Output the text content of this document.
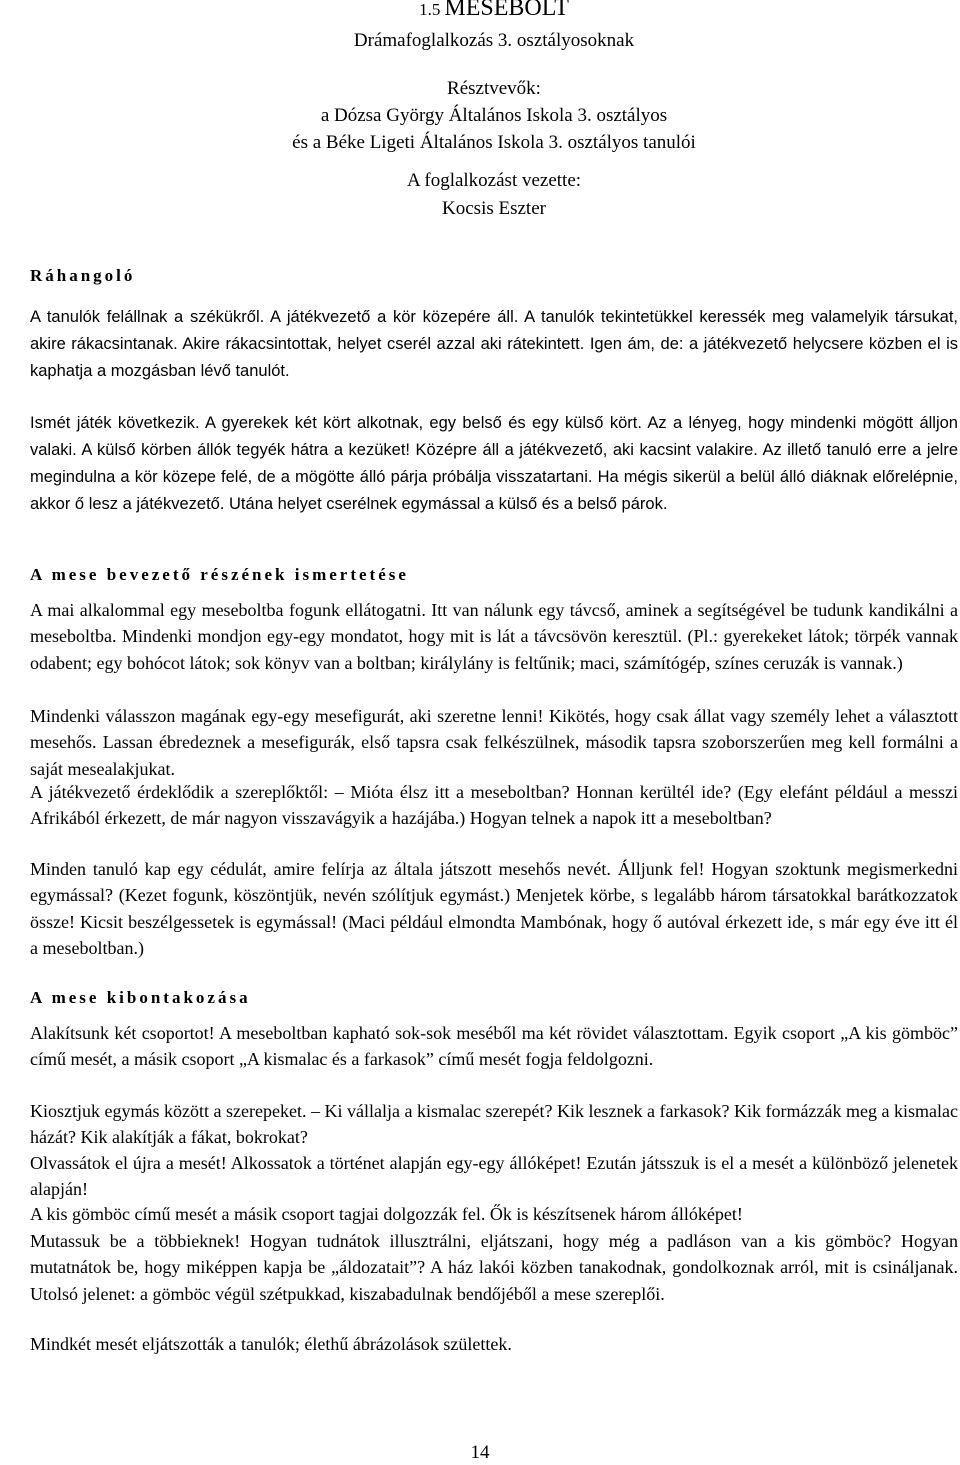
1.5 MESEBOLT
Drámafoglalkozás 3. osztályosoknak
Résztvevők:
a Dózsa György Általános Iskola 3. osztályos
és a Béke Ligeti Általános Iskola 3. osztályos tanulói
A foglalkozást vezette:
Kocsis Eszter
Ráhangoló
A tanulók felállnak a székükről. A játékvezető a kör közepére áll. A tanulók tekintetükkel keressék meg valamelyik társukat, akire rákacsintanak. Akire rákacsintottak, helyet cserél azzal aki rátekintett. Igen ám, de: a játékvezető helycsere közben el is kaphatja a mozgásban lévő tanulót.
Ismét játék következik. A gyerekek két kört alkotnak, egy belső és egy külső kört. Az a lényeg, hogy mindenki mögött álljon valaki. A külső körben állók tegyék hátra a kezüket! Középre áll a játékvezető, aki kacsint valakire. Az illető tanuló erre a jelre megindulna a kör közepe felé, de a mögötte álló párja próbálja visszatartani. Ha mégis sikerül a belül álló diáknak előrelépnie, akkor ő lesz a játékvezető. Utána helyet cserélnek egymással a külső és a belső párok.
A mese bevezető részének ismertetése
A mai alkalommal egy meseboltba fogunk ellátogatni. Itt van nálunk egy távcső, aminek a segítségével be tudunk kandikálni a meseboltba. Mindenki mondjon egy-egy mondatot, hogy mit is lát a távcsövön keresztül. (Pl.: gyerekeket látok; törpék vannak odabent; egy bohócot látok; sok könyv van a boltban; királylány is feltűnik; maci, számítógép, színes ceruzák is vannak.)
Mindenki válasszon magának egy-egy mesefigurát, aki szeretne lenni! Kikötés, hogy csak állat vagy személy lehet a választott mesehős. Lassan ébredeznek a mesefigurák, első tapsra csak felkészülnek, második tapsra szoborszerűen meg kell formálni a saját mesealakjukat.
A játékvezető érdeklődik a szereplőktől: – Mióta élsz itt a meseboltban? Honnan kerültél ide? (Egy elefánt például a messzi Afrikából érkezett, de már nagyon visszavágyik a hazájába.) Hogyan telnek a napok itt a meseboltban?
Minden tanuló kap egy cédulát, amire felírja az általa játszott mesehős nevét. Álljunk fel! Hogyan szoktunk megismerkedni egymással? (Kezet fogunk, köszöntjük, nevén szólítjuk egymást.) Menjetek körbe, s legalább három társatokkal barátkozzatok össze! Kicsit beszélgessetek is egymással! (Maci például elmondta Mambónak, hogy ő autóval érkezett ide, s már egy éve itt él a meseboltban.)
A mese kibontakozása
Alakítsunk két csoportot! A meseboltban kapható sok-sok meséből ma két rövidet választottam. Egyik csoport „A kis gömböc” című mesét, a másik csoport „A kismalac és a farkasok” című mesét fogja feldolgozni.
Kiosztjuk egymás között a szerepeket. – Ki vállalja a kismalac szerepét? Kik lesznek a farkasok? Kik formázzák meg a kismalac házát? Kik alakítják a fákat, bokrokat?
Olvassátok el újra a mesét! Alkossatok a történet alapján egy-egy állóképet! Ezután játsszuk is el a mesét a különböző jelenetek alapján!
A kis gömböc című mesét a másik csoport tagjai dolgozzák fel. Ők is készítsenek három állóképet!
Mutassuk be a többieknek! Hogyan tudnátok illusztrálni, eljátszani, hogy még a padláson van a kis gömböc? Hogyan mutatnátok be, hogy miképpen kapja be „áldozatait”? A ház lakói közben tanakodnak, gondolkoznak arról, mit is csináljanak. Utolsó jelenet: a gömböc végül szétpukkad, kiszabadulnak bendőjéből a mese szereplői.
Mindkét mesét eljátszották a tanulók; élethű ábrázolások születtek.
14
